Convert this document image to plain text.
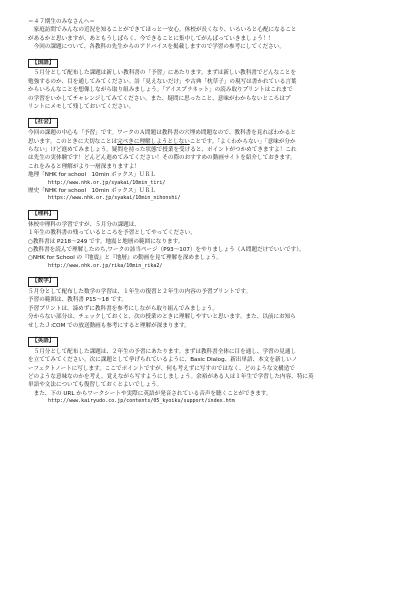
＝４７期生のみなさんへ＝
　家庭訪問でみんなの近況を知ることができてほっと一安心。休校が長くなり、いろいろと心配になること
があるかと思いますが、あともうしばらく、今できることに集中してがんばっていきましょう！！
　今回の課題について、各教科の先生からのアドバイスを掲載しますので学習の参考にしてください。
【国語】
　５月分として配布した課題は新しい教科書の「予習」にあたります。まずは新しい教科書でどんなことを
勉強するのか、目を通してみてください。詩「見えないだけ」や古典「枕草子」の現写は書かれている言葉
からいろんなことを想像しながら取り組みましょう。「アイスプラネット」の読み取りプリントはこれまで
の学習をいかしてチャレンジしてみてください。また、疑問に思ったこと、意味がわからないところはプ
リントにメモして残しておいてください。
【社会】
今回の課題の中心も「予習」です。ワークのＡ問題は教科書の穴埋め問題なので、教科書を見ればわかると
思います。このときに大切なことは完ぺきに理解しようとしないことです。「よくわからない」「意味が分か
らない」けど進めてみましょう。疑問を持った状態で授業を受けると、ポイントがつかめてきますよ！これ
は先生の実体験です！どんどん進めてみてください！その際のおすすめの動画サイトを紹介しておきます。
これをみると理解がより一層深まりますよ！
地理「NHK for school　10min ボックス」ＵＲＬ
http://www.nhk.or.jp/syakai/10min_tiri/
歴史「NHK for school　10min ボックス」ＵＲＬ
https://www.nhk.or.jp/syakai/10min_nihonshi/
【理科】
休校中理科の学習ですが、５月分の課題は、
１年生の教科書の残っているところを予習としてやってください。
○教科書は P218～249 です。地震と地層の範囲になります。
○教科書を読んで理解したのち,ワークの該当ページ（P93～107）をやりましょう（Ａ問題だけでいいです）。
○NHK for School の『地震』と『地層』の動画を見て理解を深めましょう。
http://www.nhk.or.jp/rika/10min_rika2/
【数学】
５月分として配布した数学の学習は、１年生の復習と２年生の内容の予習プリントです。
予習の範囲は、教科書 P15～18 です。
予習プリントは、諦めずに教科書を参考にしながら取り組んでみましょう。
分からない部分は、チェックしておくと、次の授業のときに理解しやすいと思います。また、以前にお知ら
せしたＪ:COM での放送動画も参考にすると理解が深まります。
【英語】
　５月分として配布した課題は、２年生の予習にあたります。まずは教科書全体に目を通し、学習の見通し
を立ててみてください。次に課題として挙げられているように、Basic Dialog、新出単語、本文を新しいノ
ーフェクトノートに写します。ここでポイントですが、何も考えずに写すのではなく、どのような文構造で
どのような意味なのかを考え、覚えながら写すようにしましょう。余裕がある人は１年生で学習した内容、特に英
単語や文法についても復習しておくとよいでしょう。
　また、下の URL からワークシートや実際に英語が発音されている音声を聴くことができます。
http://www.kairyudo.co.jp/contents/05_kyoiku/support/index.htm
